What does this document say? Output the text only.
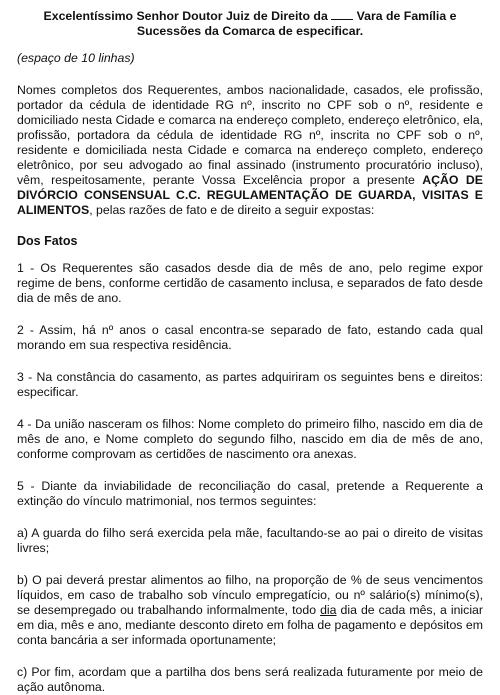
Excelentíssimo Senhor Doutor Juiz de Direito da Vara de Família e Sucessões da Comarca de especificar.

(espaço de 10 linhas)

Nomes completos dos Requerentes, ambos nacionalidade, casados, ele profissão, portador da cédula de identidade RG nº, inscrito no CPF sob o nº, residente e domiciliado nesta Cidade e comarca na endereço completo, endereço eletrônico, ela, profissão, portadora da cédula de identidade RG nº, inscrita no CPF sob o nº, residente e domiciliada nesta Cidade e comarca na endereço completo, endereço eletrônico, por seu advogado ao final assinado (instrumento procuratório incluso), vêm, respeitosamente, perante Vossa Excelência propor a presente AÇÃO DE DIVÓRCIO CONSENSUAL C.C. REGULAMENTAÇÃO DE GUARDA, VISITAS E ALIMENTOS, pelas razões de fato e de direito a seguir expostas:

Dos Fatos

1 - Os Requerentes são casados desde dia de mês de ano, pelo regime expor regime de bens, conforme certidão de casamento inclusa, e separados de fato desde dia de mês de ano.

2 - Assim, há nº anos o casal encontra-se separado de fato, estando cada qual morando em sua respectiva residência.

3 - Na constância do casamento, as partes adquiriram os seguintes bens e direitos: especificar.

4 - Da união nasceram os filhos: Nome completo do primeiro filho, nascido em dia de mês de ano, e Nome completo do segundo filho, nascido em dia de mês de ano, conforme comprovam as certidões de nascimento ora anexas.

5 - Diante da inviabilidade de reconciliação do casal, pretende a Requerente a extinção do vínculo matrimonial, nos termos seguintes:

a) A guarda do filho será exercida pela mãe, facultando-se ao pai o direito de visitas livres;

b) O pai deverá prestar alimentos ao filho, na proporção de % de seus vencimentos líquidos, em caso de trabalho sob vínculo empregatício, ou nº salário(s) mínimo(s), se desempregado ou trabalhando informalmente, todo dia dia de cada mês, a iniciar em dia, mês e ano, mediante desconto direto em folha de pagamento e depósitos em conta bancária a ser informada oportunamente;

c) Por fim, acordam que a partilha dos bens será realizada futuramente por meio de ação autônoma.
